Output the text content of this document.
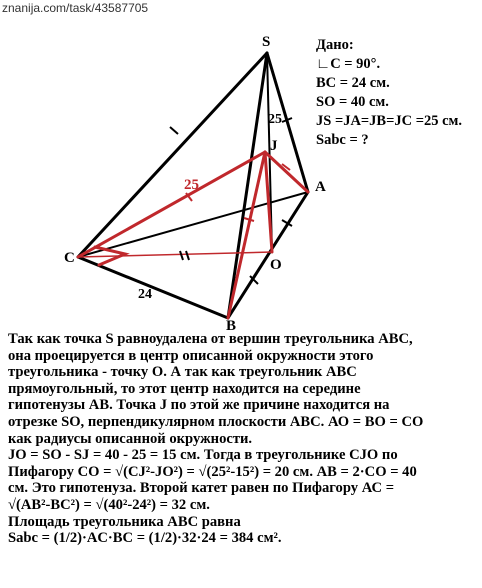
znanija.com/task/43587705
S
J
A
C	O
B
25
25
24
Дано:
∟C = 90°.
BC = 24 см.
SO = 40 см.
JS =JA=JB=JC =25 см.
Sabc = ?

Так как точка S равноудалена от вершин треугольника ABC,

она проецируется в центр описанной окружности этого

треугольника - точку О. А так как треугольник АВС

прямоугольный, то этот центр находится на середине

гипотенузы АВ. Точка J по этой же причине находится на

отрезке SO, перпендикулярном плоскости АВС. АО = ВО = СО

как радиусы описанной окружности.

JO = SO - SJ = 40 - 25 = 15 см. Тогда в треугольнике CJO по

Пифагору CO = √(CJ²-JO²) = √(25²-15²) = 20 см. АВ = 2·СО = 40

см. Это гипотенуза. Второй катет равен по Пифагору АС =

√(AB²-BC²) = √(40²-24²) = 32 см.

Площадь треугольника АВС равна

Sabc = (1/2)·AC·BC = (1/2)·32·24 = 384 см².
